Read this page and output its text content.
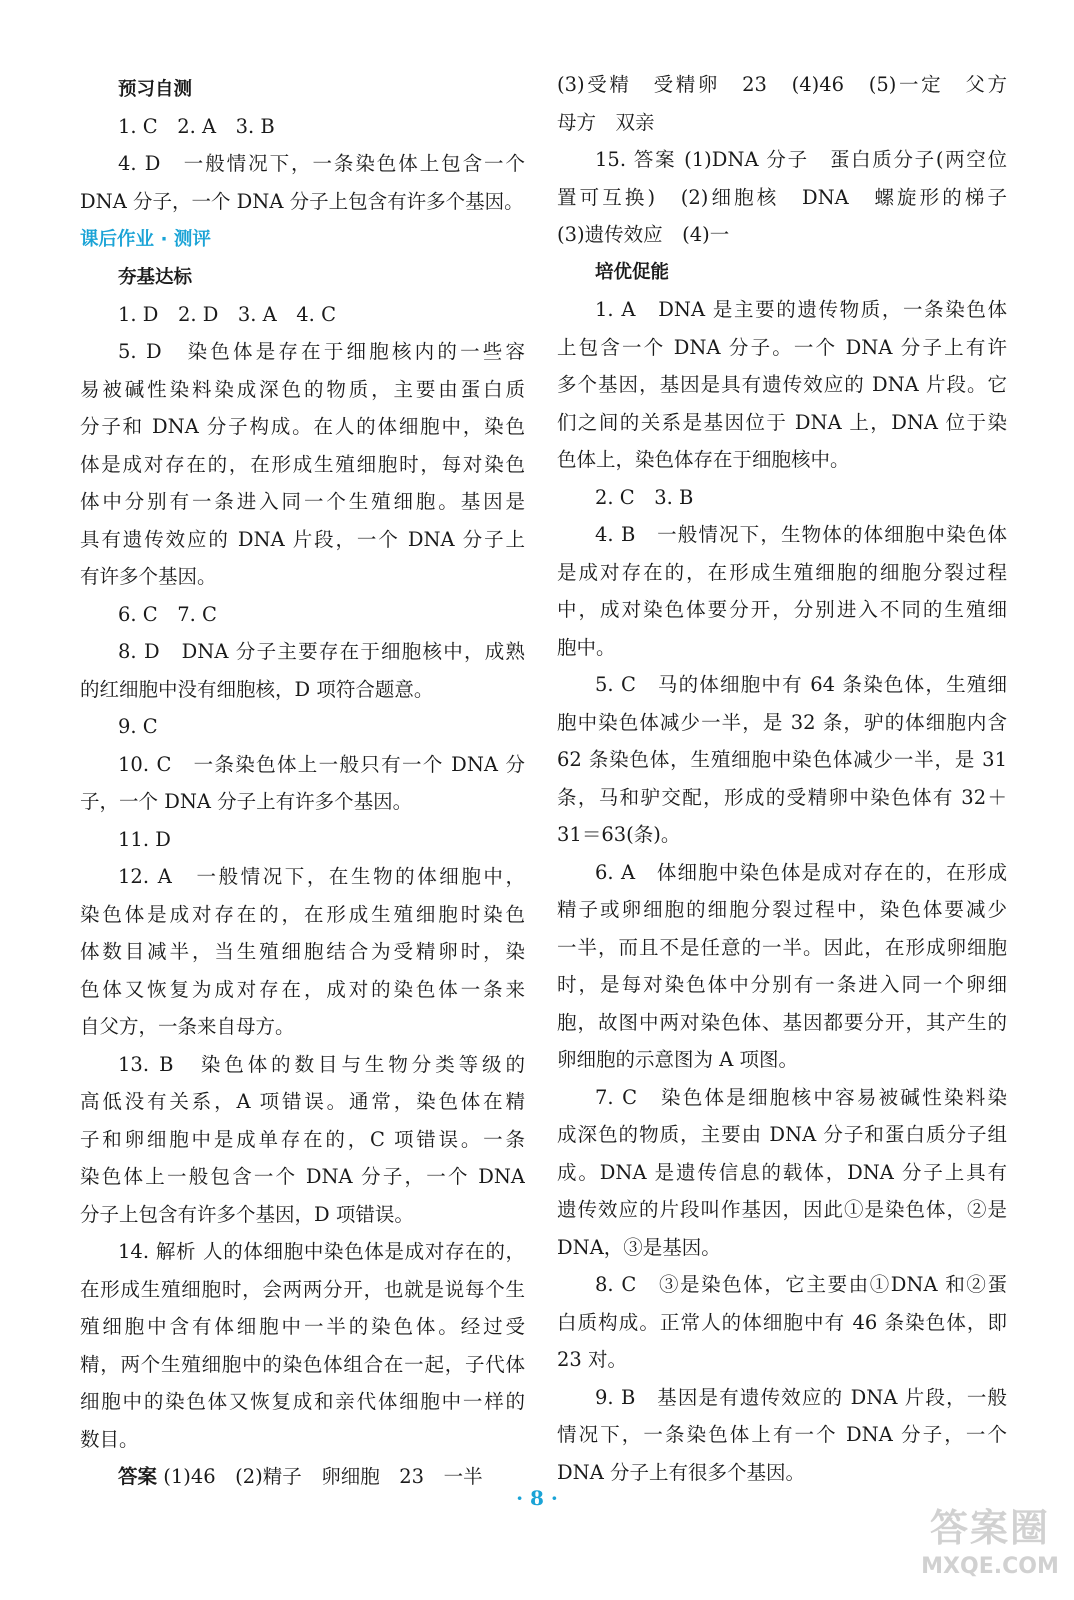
预习自测
1. C　2. A　3. B
4. D　一般情况下，一条染色体上包含一个
DNA 分子，一个 DNA 分子上包含有许多个基因。
课后作业 · 测评
夯基达标
1. D　2. D　3. A　4. C
5. D　染色体是存在于细胞核内的一些容
易被碱性染料染成深色的物质，主要由蛋白质
分子和 DNA 分子构成。在人的体细胞中，染色
体是成对存在的，在形成生殖细胞时，每对染色
体中分别有一条进入同一个生殖细胞。基因是
具有遗传效应的 DNA 片段，一个 DNA 分子上
有许多个基因。
6. C　7. C
8. D　DNA 分子主要存在于细胞核中，成熟
的红细胞中没有细胞核，D 项符合题意。
9. C
10. C　一条染色体上一般只有一个 DNA 分
子，一个 DNA 分子上有许多个基因。
11. D
12. A　一般情况下，在生物的体细胞中，
染色体是成对存在的，在形成生殖细胞时染色
体数目减半，当生殖细胞结合为受精卵时，染
色体又恢复为成对存在，成对的染色体一条来
自父方，一条来自母方。
13. B　染色体的数目与生物分类等级的
高低没有关系，A 项错误。通常，染色体在精
子和卵细胞中是成单存在的，C 项错误。一条
染色体上一般包含一个 DNA 分子，一个 DNA
分子上包含有许多个基因，D 项错误。
14. 解析 人的体细胞中染色体是成对存在的，
在形成生殖细胞时，会两两分开，也就是说每个生
殖细胞中含有体细胞中一半的染色体。经过受
精，两个生殖细胞中的染色体组合在一起，子代体
细胞中的染色体又恢复成和亲代体细胞中一样的
数目。
答案 (1)46　(2)精子　卵细胞　23　一半
(3)受精　受精卵　23　(4)46　(5)一定　父方
母方　双亲
15. 答案 (1)DNA 分子　蛋白质分子(两空位
置可互换)　(2)细胞核　DNA　螺旋形的梯子
(3)遗传效应　(4)一
培优促能
1. A　DNA 是主要的遗传物质，一条染色体
上包含一个 DNA 分子。一个 DNA 分子上有许
多个基因，基因是具有遗传效应的 DNA 片段。它
们之间的关系是基因位于 DNA 上，DNA 位于染
色体上，染色体存在于细胞核中。
2. C　3. B
4. B　一般情况下，生物体的体细胞中染色体
是成对存在的，在形成生殖细胞的细胞分裂过程
中，成对染色体要分开，分别进入不同的生殖细
胞中。
5. C　马的体细胞中有 64 条染色体，生殖细
胞中染色体减少一半，是 32 条，驴的体细胞内含
62 条染色体，生殖细胞中染色体减少一半，是 31
条，马和驴交配，形成的受精卵中染色体有 32＋
31＝63(条)。
6. A　体细胞中染色体是成对存在的，在形成
精子或卵细胞的细胞分裂过程中，染色体要减少
一半，而且不是任意的一半。因此，在形成卵细胞
时，是每对染色体中分别有一条进入同一个卵细
胞，故图中两对染色体、基因都要分开，其产生的
卵细胞的示意图为 A 项图。
7. C　染色体是细胞核中容易被碱性染料染
成深色的物质，主要由 DNA 分子和蛋白质分子组
成。DNA 是遗传信息的载体，DNA 分子上具有
遗传效应的片段叫作基因，因此①是染色体，②是
DNA，③是基因。
8. C　③是染色体，它主要由①DNA 和②蛋
白质构成。正常人的体细胞中有 46 条染色体，即
23 对。
9. B　基因是有遗传效应的 DNA 片段，一般
情况下，一条染色体上有一个 DNA 分子，一个
DNA 分子上有很多个基因。
· 8 ·
答案圈
MXQE.COM
